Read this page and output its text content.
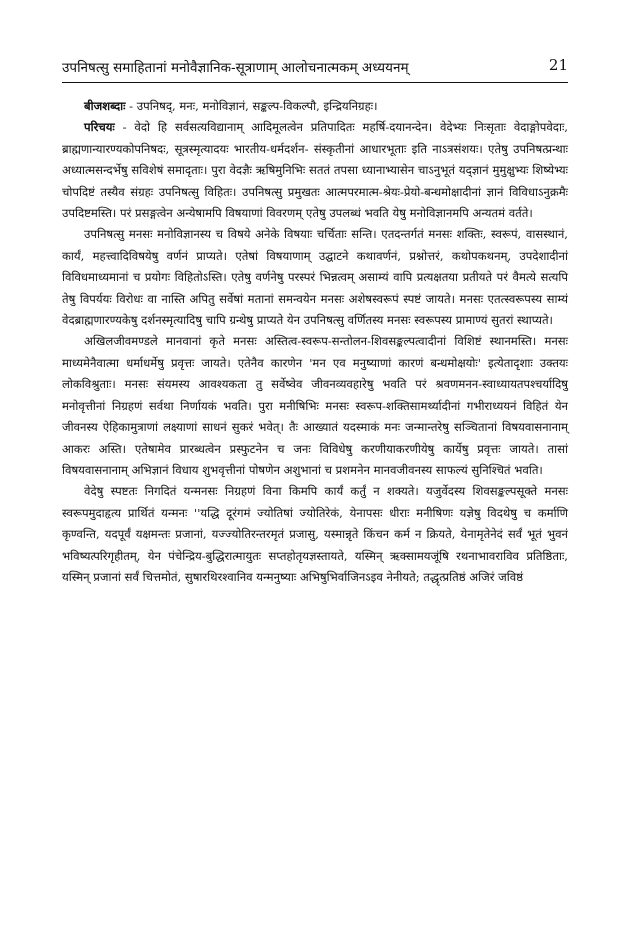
उपनिषत्सु समाहितानां मनोवैज्ञानिक-सूत्राणाम् आलोचनात्मकम् अध्ययनम्	21

बीजशब्दाः - उपनिषद्, मनः, मनोविज्ञानं, सङ्कल्प-विकल्पौ, इन्द्रियनिग्रहः।

परिचयः - वेदो हि सर्वसत्यविद्यानाम् आदिमूलत्वेन प्रतिपादितः महर्षि-दयानन्देन। वेदेभ्यः निःसृताः वेदाङ्गोपवेदाः, ब्राह्मणान्यारण्यकोपनिषदः, सूत्रस्मृत्यादयः भारतीय-धर्मदर्शन- संस्कृतीनां आधारभूताः इति नाऽत्रसंशयः। एतेषु उपनिषत्प्रन्थाः अध्यात्मसन्दर्भेषु सविशेषं समादृताः। पुरा वेदज्ञैः ऋषिमुनिभिः सततं तपसा ध्यानाभ्यासेन चाऽनुभूतं यद्ज्ञानं मुमुक्षुभ्यः शिष्येभ्यः चोपदिष्टं तस्यैव संग्रहः उपनिषत्सु विहितः। उपनिषत्सु प्रमुखतः आत्मपरमात्म-श्रेयः-प्रेयो-बन्धमोक्षादीनां ज्ञानं विविधाऽनुक्रमैः उपदिष्टमस्ति। परं प्रसङ्गत्वेन अन्येषामपि विषयाणां विवरणम् एतेषु उपलब्धं भवति येषु मनोविज्ञानमपि अन्यतमं वर्तते।

उपनिषत्सु मनसः मनोविज्ञानस्य च विषये अनेके विषयाः चर्चिताः सन्ति। एतदन्तर्गतं मनसः शक्तिः, स्वरूपं, वासस्थानं, कार्यं, महत्त्वादिविषयेषु वर्णनं प्राप्यते। एतेषां विषयाणाम् उद्घाटने कथावर्णनं, प्रश्नोत्तरं, कथोपकथनम्, उपदेशादीनां विविधमाध्यमानां च प्रयोगः विहितोऽस्ति। एतेषु वर्णनेषु परस्परं भिन्नत्वम् असाम्यं वापि प्रत्यक्षतया प्रतीयते परं वैमत्ये सत्यपि तेषु विपर्ययः विरोधः वा नास्ति अपितु सर्वेषां मतानां समन्वयेन मनसः अशेषस्वरूपं स्पष्टं जायते। मनसः एतत्स्वरूपस्य साम्यं वेदब्राह्मणारण्यकेषु दर्शनस्मृत्यादिषु चापि ग्रन्थेषु प्राप्यते येन उपनिषत्सु वर्णितस्य मनसः स्वरूपस्य प्रामाण्यं सुतरां स्थाप्यते।

अखिलजीवमण्डले मानवानां कृते मनसः अस्तित्व-स्वरूप-सन्तोलन-शिवसङ्कल्पत्वादीनां विशिष्टं स्थानमस्ति। मनसः माध्यमेनैवात्मा धर्माधर्मेषु प्रवृत्तः जायते। एतेनैव कारणेन 'मन एव मनुष्याणां कारणं बन्धमोक्षयोः' इत्येतादृशाः उक्तयः लोकविश्रुताः। मनसः संयमस्य आवश्यकता तु सर्वेष्वेव जीवनव्यवहारेषु भवति परं श्रवणमनन-स्वाध्यायतपश्चर्यादिषु मनोवृत्तीनां निग्रहणं सर्वथा निर्णायकं भवति। पुरा मनीषिभिः मनसः स्वरूप-शक्तिसामर्थ्यादीनां गभीराध्ययनं विहितं येन जीवनस्य ऐहिकामुत्राणां लक्ष्याणां साधनं सुकरं भवेत्। तैः आख्यातं यदस्माकं मनः जन्मान्तरेषु सञ्चितानां विषयवासनानाम् आकरः अस्ति। एतेषामेव प्रारब्धत्वेन प्रस्फुटनेन च जनः विविधेषु करणीयाकरणीयेषु कार्येषु प्रवृत्तः जायते। तासां विषयवासनानाम् अभिज्ञानं विधाय शुभवृत्तीनां पोषणेन अशुभानां च प्रशमनेन मानवजीवनस्य साफल्यं सुनिश्चितं भवति।

वेदेषु स्पष्टतः निगदितं यन्मनसः निग्रहणं विना किमपि कार्यं कर्तुं न शक्यते। यजुर्वेदस्य शिवसङ्कल्पसूक्ते मनसः स्वरूपमुदाहृत्य प्रार्थितं यन्मनः ''यद्धि दूरंगमं ज्योतिषां ज्योतिरेकं, येनापसः धीराः मनीषिणः यज्ञेषु विदथेषु च कर्माणि कृण्वन्ति, यदपूर्वं यक्षमन्तः प्रजानां, यज्ज्योतिरन्तरमृतं प्रजासु, यस्मान्नृते किंचन कर्म न क्रियते, येनामृतेनेदं सर्वं भूतं भुवनं भविष्यत्परिगृहीतम्, येन पंचेन्द्रिय-बुद्धिरात्मायुतः सप्तहोतृयज्ञस्तायते, यस्मिन् ऋक्सामयजूंषि रथनाभावराविव प्रतिष्ठिताः, यस्मिन् प्रजानां सर्वं चित्तमोतं, सुषारथिरश्वानिव यन्मनुष्याः अभिषुभिर्वाजिनऽइव नेनीयते; तद्धृत्प्रतिष्ठं अजिरं जविष्ठं
